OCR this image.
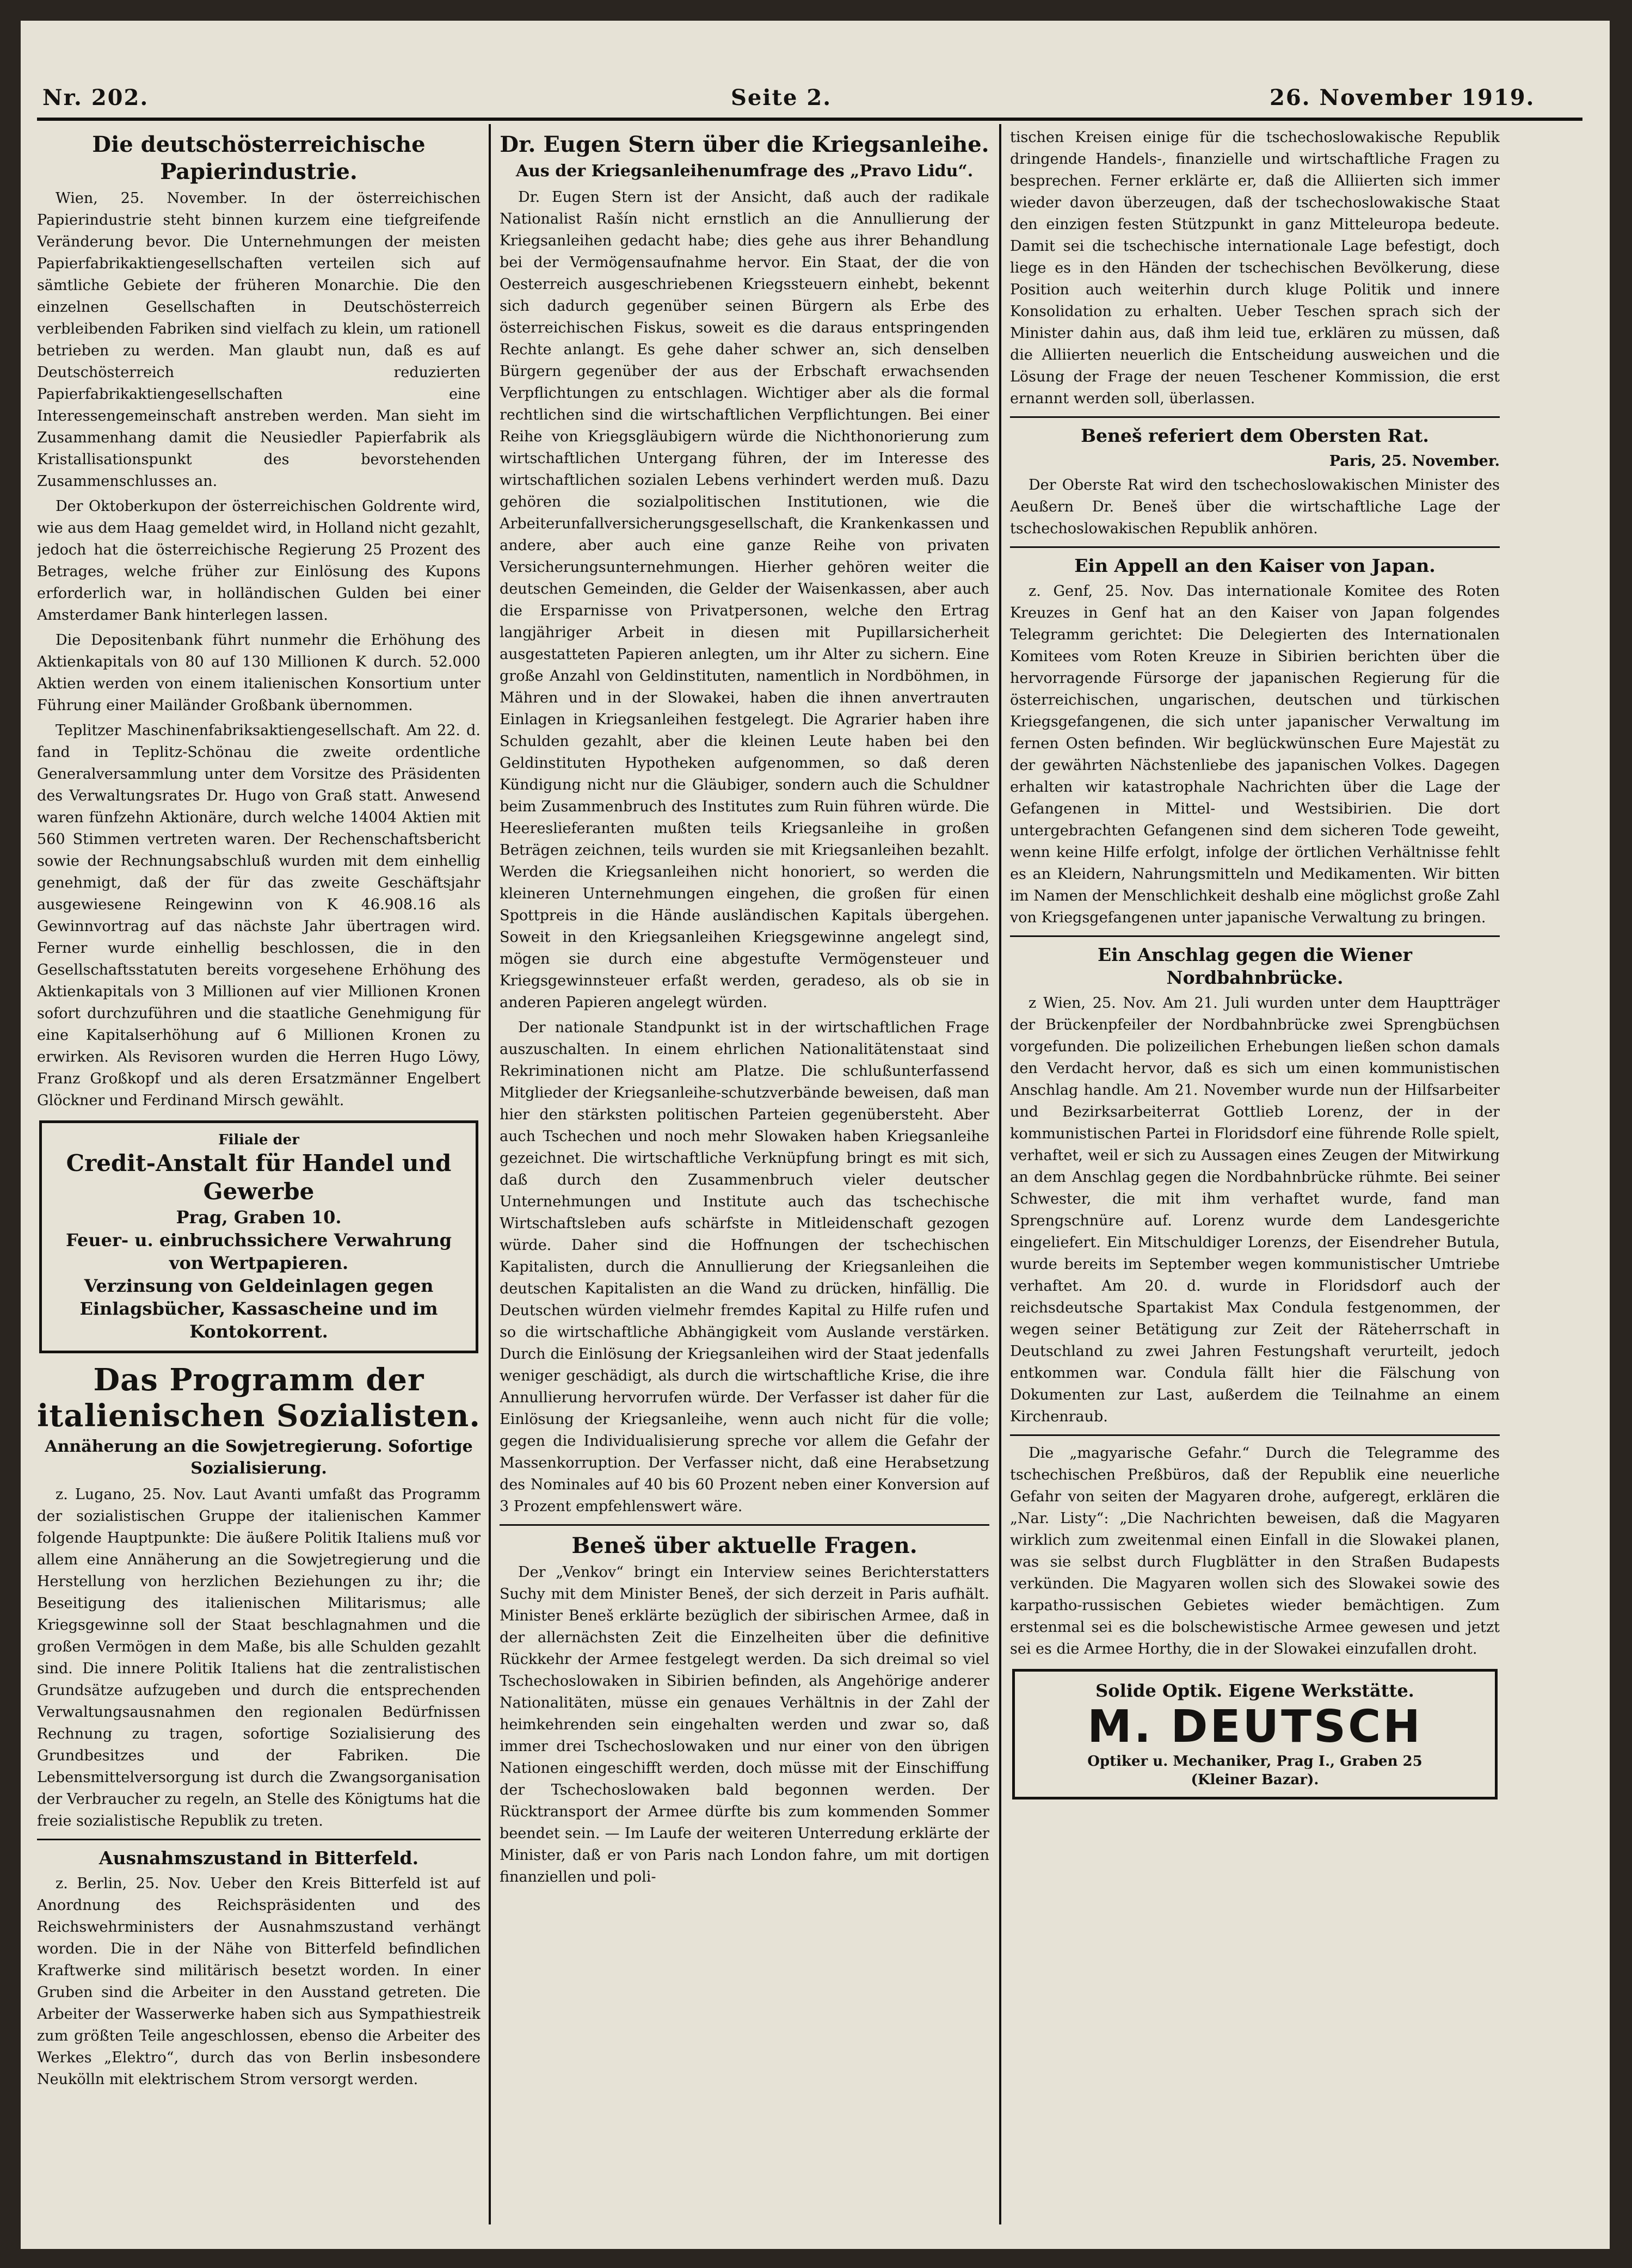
Nr. 202.	Seite 2.	26. November 1919.
Die deutschösterreichische Papierindustrie.

Wien, 25. November. In der österreichischen Papierindustrie steht binnen kurzem eine tiefgreifende Veränderung bevor. Die Unternehmungen der meisten Papierfabrikaktiengesellschaften verteilen sich auf sämtliche Gebiete der früheren Monarchie. Die den einzelnen Gesellschaften in Deutschösterreich verbleibenden Fabriken sind vielfach zu klein, um rationell betrieben zu werden. Man glaubt nun, daß es auf Deutschösterreich reduzierten Papierfabrikaktiengesellschaften eine Interessengemeinschaft anstreben werden. Man sieht im Zusammenhang damit die Neusiedler Papierfabrik als Kristallisationspunkt des bevorstehenden Zusammenschlusses an.

Der Oktoberkupon der österreichischen Goldrente wird, wie aus dem Haag gemeldet wird, in Holland nicht gezahlt, jedoch hat die österreichische Regierung 25 Prozent des Betrages, welche früher zur Einlösung des Kupons erforderlich war, in holländischen Gulden bei einer Amsterdamer Bank hinterlegen lassen.

Die Depositenbank führt nunmehr die Erhöhung des Aktienkapitals von 80 auf 130 Millionen K durch. 52.000 Aktien werden von einem italienischen Konsortium unter Führung einer Mailänder Großbank übernommen.

Teplitzer Maschinenfabriksaktiengesellschaft. Am 22. d. fand in Teplitz-Schönau die zweite ordentliche Generalversammlung unter dem Vorsitze des Präsidenten des Verwaltungsrates Dr. Hugo von Graß statt. Anwesend waren fünfzehn Aktionäre, durch welche 14004 Aktien mit 560 Stimmen vertreten waren. Der Rechenschaftsbericht sowie der Rechnungsabschluß wurden mit dem einhellig genehmigt, daß der für das zweite Geschäftsjahr ausgewiesene Reingewinn von K 46.908.16 als Gewinnvortrag auf das nächste Jahr übertragen wird. Ferner wurde einhellig beschlossen, die in den Gesellschaftsstatuten bereits vorgesehene Erhöhung des Aktienkapitals von 3 Millionen auf vier Millionen Kronen sofort durchzuführen und die staatliche Genehmigung für eine Kapitalserhöhung auf 6 Millionen Kronen zu erwirken. Als Revisoren wurden die Herren Hugo Löwy, Franz Großkopf und als deren Ersatzmänner Engelbert Glöckner und Ferdinand Mirsch gewählt.

Filiale der
Credit-Anstalt für Handel und Gewerbe
Prag, Graben 10.
Feuer- u. einbruchssichere Verwahrung von Wertpapieren.
Verzinsung von Geldeinlagen gegen Einlagsbücher, Kassascheine und im Kontokorrent.
Das Programm der italienischen Sozialisten.
Annäherung an die Sowjetregierung. Sofortige Sozialisierung.

z. Lugano, 25. Nov. Laut Avanti umfaßt das Programm der sozialistischen Gruppe der italienischen Kammer folgende Hauptpunkte: Die äußere Politik Italiens muß vor allem eine Annäherung an die Sowjetregierung und die Herstellung von herzlichen Beziehungen zu ihr; die Beseitigung des italienischen Militarismus; alle Kriegsgewinne soll der Staat beschlagnahmen und die großen Vermögen in dem Maße, bis alle Schulden gezahlt sind. Die innere Politik Italiens hat die zentralistischen Grundsätze aufzugeben und durch die entsprechenden Verwaltungsausnahmen den regionalen Bedürfnissen Rechnung zu tragen, sofortige Sozialisierung des Grundbesitzes und der Fabriken. Die Lebensmittelversorgung ist durch die Zwangsorganisation der Verbraucher zu regeln, an Stelle des Königtums hat die freie sozialistische Republik zu treten.

Ausnahmszustand in Bitterfeld.

z. Berlin, 25. Nov. Ueber den Kreis Bitterfeld ist auf Anordnung des Reichspräsidenten und des Reichswehrministers der Ausnahmszustand verhängt worden. Die in der Nähe von Bitterfeld befindlichen Kraftwerke sind militärisch besetzt worden. In einer Gruben sind die Arbeiter in den Ausstand getreten. Die Arbeiter der Wasserwerke haben sich aus Sympathiestreik zum größten Teile angeschlossen, ebenso die Arbeiter des Werkes „Elektro“, durch das von Berlin insbesondere Neukölln mit elektrischem Strom versorgt werden.

Dr. Eugen Stern über die Kriegsanleihe.
Aus der Kriegsanleihenumfrage des „Pravo Lidu“.

Dr. Eugen Stern ist der Ansicht, daß auch der radikale Nationalist Rašín nicht ernstlich an die Annullierung der Kriegsanleihen gedacht habe; dies gehe aus ihrer Behandlung bei der Vermögensaufnahme hervor. Ein Staat, der die von Oesterreich ausgeschriebenen Kriegssteuern einhebt, bekennt sich dadurch gegenüber seinen Bürgern als Erbe des österreichischen Fiskus, soweit es die daraus entspringenden Rechte anlangt. Es gehe daher schwer an, sich denselben Bürgern gegenüber der aus der Erbschaft erwachsenden Verpflichtungen zu entschlagen. Wichtiger aber als die formal rechtlichen sind die wirtschaftlichen Verpflichtungen. Bei einer Reihe von Kriegsgläubigern würde die Nichthonorierung zum wirtschaftlichen Untergang führen, der im Interesse des wirtschaftlichen sozialen Lebens verhindert werden muß. Dazu gehören die sozialpolitischen Institutionen, wie die Arbeiterunfallversicherungsgesellschaft, die Krankenkassen und andere, aber auch eine ganze Reihe von privaten Versicherungsunternehmungen. Hierher gehören weiter die deutschen Gemeinden, die Gelder der Waisenkassen, aber auch die Ersparnisse von Privatpersonen, welche den Ertrag langjähriger Arbeit in diesen mit Pupillarsicherheit ausgestatteten Papieren anlegten, um ihr Alter zu sichern. Eine große Anzahl von Geldinstituten, namentlich in Nordböhmen, in Mähren und in der Slowakei, haben die ihnen anvertrauten Einlagen in Kriegsanleihen festgelegt. Die Agrarier haben ihre Schulden gezahlt, aber die kleinen Leute haben bei den Geldinstituten Hypotheken aufgenommen, so daß deren Kündigung nicht nur die Gläubiger, sondern auch die Schuldner beim Zusammenbruch des Institutes zum Ruin führen würde. Die Heereslieferanten mußten teils Kriegsanleihe in großen Beträgen zeichnen, teils wurden sie mit Kriegsanleihen bezahlt. Werden die Kriegsanleihen nicht honoriert, so werden die kleineren Unternehmungen eingehen, die großen für einen Spottpreis in die Hände ausländischen Kapitals übergehen. Soweit in den Kriegsanleihen Kriegsgewinne angelegt sind, mögen sie durch eine abgestufte Vermögensteuer und Kriegsgewinnsteuer erfaßt werden, geradeso, als ob sie in anderen Papieren angelegt würden.

Der nationale Standpunkt ist in der wirtschaftlichen Frage auszuschalten. In einem ehrlichen Nationalitätenstaat sind Rekriminationen nicht am Platze. Die schlußunterfassend Mitglieder der Kriegsanleihe-schutzverbände beweisen, daß man hier den stärksten politischen Parteien gegenübersteht. Aber auch Tschechen und noch mehr Slowaken haben Kriegsanleihe gezeichnet. Die wirtschaftliche Verknüpfung bringt es mit sich, daß durch den Zusammenbruch vieler deutscher Unternehmungen und Institute auch das tschechische Wirtschaftsleben aufs schärfste in Mitleidenschaft gezogen würde. Daher sind die Hoffnungen der tschechischen Kapitalisten, durch die Annullierung der Kriegsanleihen die deutschen Kapitalisten an die Wand zu drücken, hinfällig. Die Deutschen würden vielmehr fremdes Kapital zu Hilfe rufen und so die wirtschaftliche Abhängigkeit vom Auslande verstärken. Durch die Einlösung der Kriegsanleihen wird der Staat jedenfalls weniger geschädigt, als durch die wirtschaftliche Krise, die ihre Annullierung hervorrufen würde. Der Verfasser ist daher für die Einlösung der Kriegsanleihe, wenn auch nicht für die volle; gegen die Individualisierung spreche vor allem die Gefahr der Massenkorruption. Der Verfasser nicht, daß eine Herabsetzung des Nominales auf 40 bis 60 Prozent neben einer Konversion auf 3 Prozent empfehlenswert wäre.

Beneš über aktuelle Fragen.

Der „Venkov“ bringt ein Interview seines Berichterstatters Suchy mit dem Minister Beneš, der sich derzeit in Paris aufhält. Minister Beneš erklärte bezüglich der sibirischen Armee, daß in der allernächsten Zeit die Einzelheiten über die definitive Rückkehr der Armee festgelegt werden. Da sich dreimal so viel Tschechoslowaken in Sibirien befinden, als Angehörige anderer Nationalitäten, müsse ein genaues Verhältnis in der Zahl der heimkehrenden sein eingehalten werden und zwar so, daß immer drei Tschechoslowaken und nur einer von den übrigen Nationen eingeschifft werden, doch müsse mit der Einschiffung der Tschechoslowaken bald begonnen werden. Der Rücktransport der Armee dürfte bis zum kommenden Sommer beendet sein. — Im Laufe der weiteren Unterredung erklärte der Minister, daß er von Paris nach London fahre, um mit dortigen finanziellen und poli-

tischen Kreisen einige für die tschechoslowakische Republik dringende Handels-, finanzielle und wirtschaftliche Fragen zu besprechen. Ferner erklärte er, daß die Alliierten sich immer wieder davon überzeugen, daß der tschechoslowakische Staat den einzigen festen Stützpunkt in ganz Mitteleuropa bedeute. Damit sei die tschechische internationale Lage befestigt, doch liege es in den Händen der tschechischen Bevölkerung, diese Position auch weiterhin durch kluge Politik und innere Konsolidation zu erhalten. Ueber Teschen sprach sich der Minister dahin aus, daß ihm leid tue, erklären zu müssen, daß die Alliierten neuerlich die Entscheidung ausweichen und die Lösung der Frage der neuen Teschener Kommission, die erst ernannt werden soll, überlassen.

Beneš referiert dem Obersten Rat.
Paris, 25. November.

Der Oberste Rat wird den tschechoslowakischen Minister des Aeußern Dr. Beneš über die wirtschaftliche Lage der tschechoslowakischen Republik anhören.

Ein Appell an den Kaiser von Japan.

z. Genf, 25. Nov. Das internationale Komitee des Roten Kreuzes in Genf hat an den Kaiser von Japan folgendes Telegramm gerichtet: Die Delegierten des Internationalen Komitees vom Roten Kreuze in Sibirien berichten über die hervorragende Fürsorge der japanischen Regierung für die österreichischen, ungarischen, deutschen und türkischen Kriegsgefangenen, die sich unter japanischer Verwaltung im fernen Osten befinden. Wir beglückwünschen Eure Majestät zu der gewährten Nächstenliebe des japanischen Volkes. Dagegen erhalten wir katastrophale Nachrichten über die Lage der Gefangenen in Mittel- und Westsibirien. Die dort untergebrachten Gefangenen sind dem sicheren Tode geweiht, wenn keine Hilfe erfolgt, infolge der örtlichen Verhältnisse fehlt es an Kleidern, Nahrungsmitteln und Medikamenten. Wir bitten im Namen der Menschlichkeit deshalb eine möglichst große Zahl von Kriegsgefangenen unter japanische Verwaltung zu bringen.

Ein Anschlag gegen die Wiener Nordbahnbrücke.

z Wien, 25. Nov. Am 21. Juli wurden unter dem Hauptträger der Brückenpfeiler der Nordbahnbrücke zwei Sprengbüchsen vorgefunden. Die polizeilichen Erhebungen ließen schon damals den Verdacht hervor, daß es sich um einen kommunistischen Anschlag handle. Am 21. November wurde nun der Hilfsarbeiter und Bezirksarbeiterrat Gottlieb Lorenz, der in der kommunistischen Partei in Floridsdorf eine führende Rolle spielt, verhaftet, weil er sich zu Aussagen eines Zeugen der Mitwirkung an dem Anschlag gegen die Nordbahnbrücke rühmte. Bei seiner Schwester, die mit ihm verhaftet wurde, fand man Sprengschnüre auf. Lorenz wurde dem Landesgerichte eingeliefert. Ein Mitschuldiger Lorenzs, der Eisendreher Butula, wurde bereits im September wegen kommunistischer Umtriebe verhaftet. Am 20. d. wurde in Floridsdorf auch der reichsdeutsche Spartakist Max Condula festgenommen, der wegen seiner Betätigung zur Zeit der Räteherrschaft in Deutschland zu zwei Jahren Festungshaft verurteilt, jedoch entkommen war. Condula fällt hier die Fälschung von Dokumenten zur Last, außerdem die Teilnahme an einem Kirchenraub.

Die „magyarische Gefahr.“ Durch die Telegramme des tschechischen Preßbüros, daß der Republik eine neuerliche Gefahr von seiten der Magyaren drohe, aufgeregt, erklären die „Nar. Listy“: „Die Nachrichten beweisen, daß die Magyaren wirklich zum zweitenmal einen Einfall in die Slowakei planen, was sie selbst durch Flugblätter in den Straßen Budapests verkünden. Die Magyaren wollen sich des Slowakei sowie des karpatho-russischen Gebietes wieder bemächtigen. Zum erstenmal sei es die bolschewistische Armee gewesen und jetzt sei es die Armee Horthy, die in der Slowakei einzufallen droht.

Solide Optik. Eigene Werkstätte.
M. DEUTSCH
Optiker u. Mechaniker, Prag I., Graben 25
(Kleiner Bazar).
